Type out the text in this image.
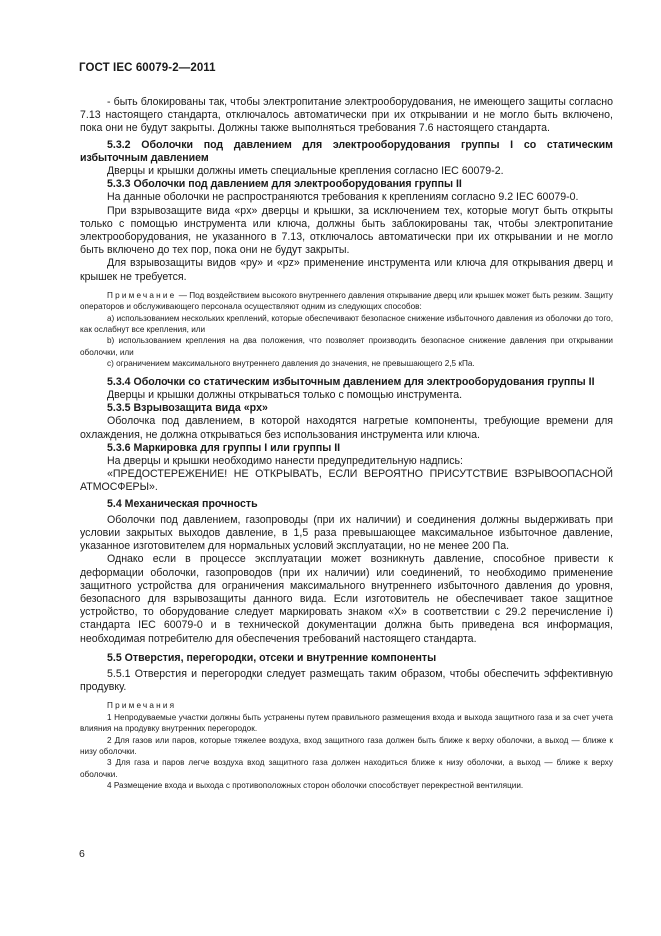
ГОСТ IEC 60079-2—2011

- быть блокированы так, чтобы электропитание электрооборудования, не имеющего защиты согласно 7.13 настоящего стандарта, отключалось автоматически при их открывании и не могло быть включено, пока они не будут закрыты. Должны также выполняться требования 7.6 настоящего стандарта.

5.3.2 Оболочки под давлением для электрооборудования группы I со статическим избыточным давлением

Дверцы и крышки должны иметь специальные крепления согласно IEC 60079-2.

5.3.3 Оболочки под давлением для электрооборудования группы II

На данные оболочки не распространяются требования к креплениям согласно 9.2 IEC 60079-0.

При взрывозащите вида «px» дверцы и крышки, за исключением тех, которые могут быть открыты только с помощью инструмента или ключа, должны быть заблокированы так, чтобы электропитание электрооборудования, не указанного в 7.13, отключалось автоматически при их открывании и не могло быть включено до тех пор, пока они не будут закрыты.

Для взрывозащиты видов «py» и «pz» применение инструмента или ключа для открывания дверц и крышек не требуется.

Примечание — Под воздействием высокого внутреннего давления открывание дверц или крышек может быть резким. Защиту операторов и обслуживающего персонала осуществляют одним из следующих способов:

a) использованием нескольких креплений, которые обеспечивают безопасное снижение избыточного давления из оболочки до того, как ослабнут все крепления, или

b) использованием крепления на два положения, что позволяет производить безопасное снижение давления при открывании оболочки, или

c) ограничением максимального внутреннего давления до значения, не превышающего 2,5 кПа.

5.3.4 Оболочки со статическим избыточным давлением для электрооборудования группы II

Дверцы и крышки должны открываться только с помощью инструмента.

5.3.5 Взрывозащита вида «px»

Оболочка под давлением, в которой находятся нагретые компоненты, требующие времени для охлаждения, не должна открываться без использования инструмента или ключа.

5.3.6 Маркировка для группы I или группы II

На дверцы и крышки необходимо нанести предупредительную надпись:

«ПРЕДОСТЕРЕЖЕНИЕ! НЕ ОТКРЫВАТЬ, ЕСЛИ ВЕРОЯТНО ПРИСУТСТВИЕ ВЗРЫВООПАСНОЙ АТМОСФЕРЫ».

5.4 Механическая прочность

Оболочки под давлением, газопроводы (при их наличии) и соединения должны выдерживать при условии закрытых выходов давление, в 1,5 раза превышающее максимальное избыточное давление, указанное изготовителем для нормальных условий эксплуатации, но не менее 200 Па.

Однако если в процессе эксплуатации может возникнуть давление, способное привести к деформации оболочки, газопроводов (при их наличии) или соединений, то необходимо применение защитного устройства для ограничения максимального внутреннего избыточного давления до уровня, безопасного для взрывозащиты данного вида. Если изготовитель не обеспечивает такое защитное устройство, то оборудование следует маркировать знаком «X» в соответствии с 29.2 перечисление i) стандарта IEC 60079-0 и в технической документации должна быть приведена вся информация, необходимая потребителю для обеспечения требований настоящего стандарта.

5.5 Отверстия, перегородки, отсеки и внутренние компоненты

5.5.1 Отверстия и перегородки следует размещать таким образом, чтобы обеспечить эффективную продувку.

Примечания

1 Непродуваемые участки должны быть устранены путем правильного размещения входа и выхода защитного газа и за счет учета влияния на продувку внутренних перегородок.

2 Для газов или паров, которые тяжелее воздуха, вход защитного газа должен быть ближе к верху оболочки, а выход — ближе к низу оболочки.

3 Для газа и паров легче воздуха вход защитного газа должен находиться ближе к низу оболочки, а выход — ближе к верху оболочки.

4 Размещение входа и выхода с противоположных сторон оболочки способствует перекрестной вентиляции.

6
